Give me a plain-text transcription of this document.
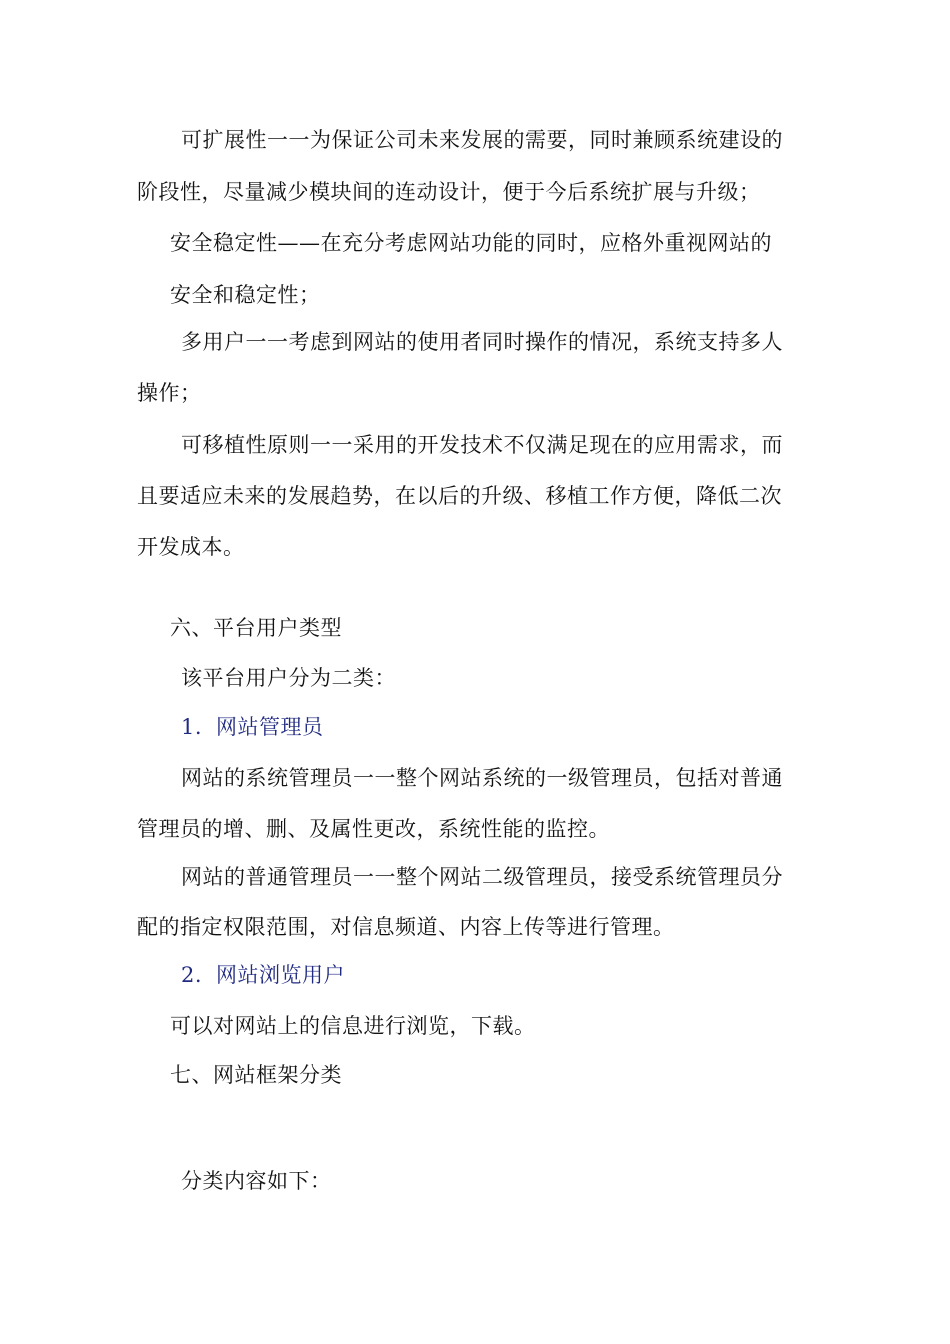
可扩展性一一为保证公司未来发展的需要，同时兼顾系统建设的
阶段性，尽量减少模块间的连动设计，便于今后系统扩展与升级；
安全稳定性——在充分考虑网站功能的同时，应格外重视网站的
安全和稳定性；
多用户一一考虑到网站的使用者同时操作的情况，系统支持多人
操作；
可移植性原则一一采用的开发技术不仅满足现在的应用需求，而
且要适应未来的发展趋势，在以后的升级、移植工作方便，降低二次
开发成本。
六、平台用户类型
该平台用户分为二类：
1. 网站管理员
网站的系统管理员一一整个网站系统的一级管理员，包括对普通
管理员的增、删、及属性更改，系统性能的监控。
网站的普通管理员一一整个网站二级管理员，接受系统管理员分
配的指定权限范围，对信息频道、内容上传等进行管理。
2. 网站浏览用户
可以对网站上的信息进行浏览，下载。
七、网站框架分类
分类内容如下：
